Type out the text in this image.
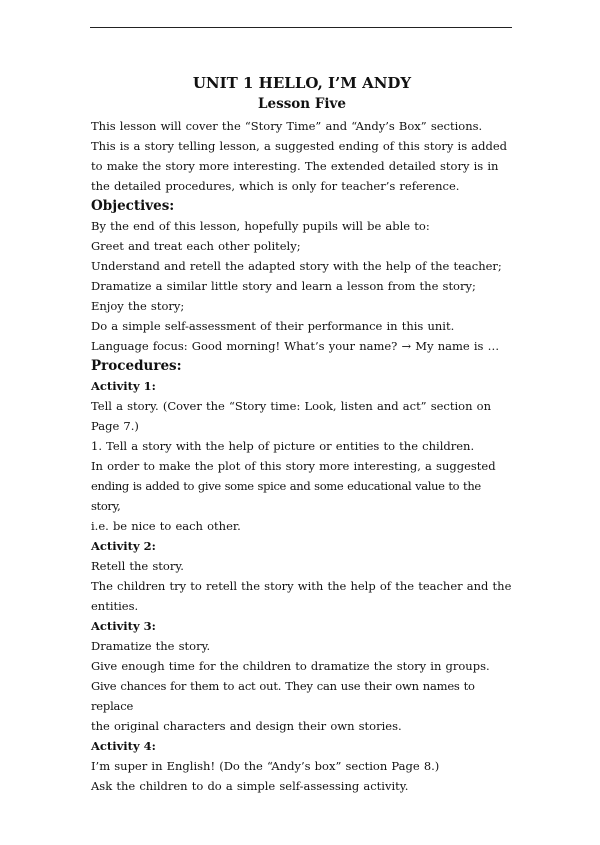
UNIT 1 HELLO, I’M ANDY
Lesson Five

This lesson will cover the “Story Time” and “Andy’s Box” sections.

This is a story telling lesson, a suggested ending of this story is added

to make the story more interesting. The extended detailed story is in

the detailed procedures, which is only for teacher’s reference.

Objectives:

By the end of this lesson, hopefully pupils will be able to:

Greet and treat each other politely;

Understand and retell the adapted story with the help of the teacher;

Dramatize a similar little story and learn a lesson from the story;

Enjoy the story;

Do a simple self-assessment of their performance in this unit.

Language focus: Good morning! What’s your name? → My name is …

Procedures:

Activity 1:

Tell a story. (Cover the “Story time: Look, listen and act” section on

Page 7.)

1. Tell a story with the help of picture or entities to the children.

In order to make the plot of this story more interesting, a suggested

ending is added to give some spice and some educational value to the story,

i.e. be nice to each other.

Activity 2:

Retell the story.

The children try to retell the story with the help of the teacher and the

entities.

Activity 3:

Dramatize the story.

Give enough time for the children to dramatize the story in groups.

Give chances for them to act out. They can use their own names to replace

the original characters and design their own stories.

Activity 4:

I’m super in English! (Do the “Andy’s box” section Page 8.)

Ask the children to do a simple self-assessing activity.
